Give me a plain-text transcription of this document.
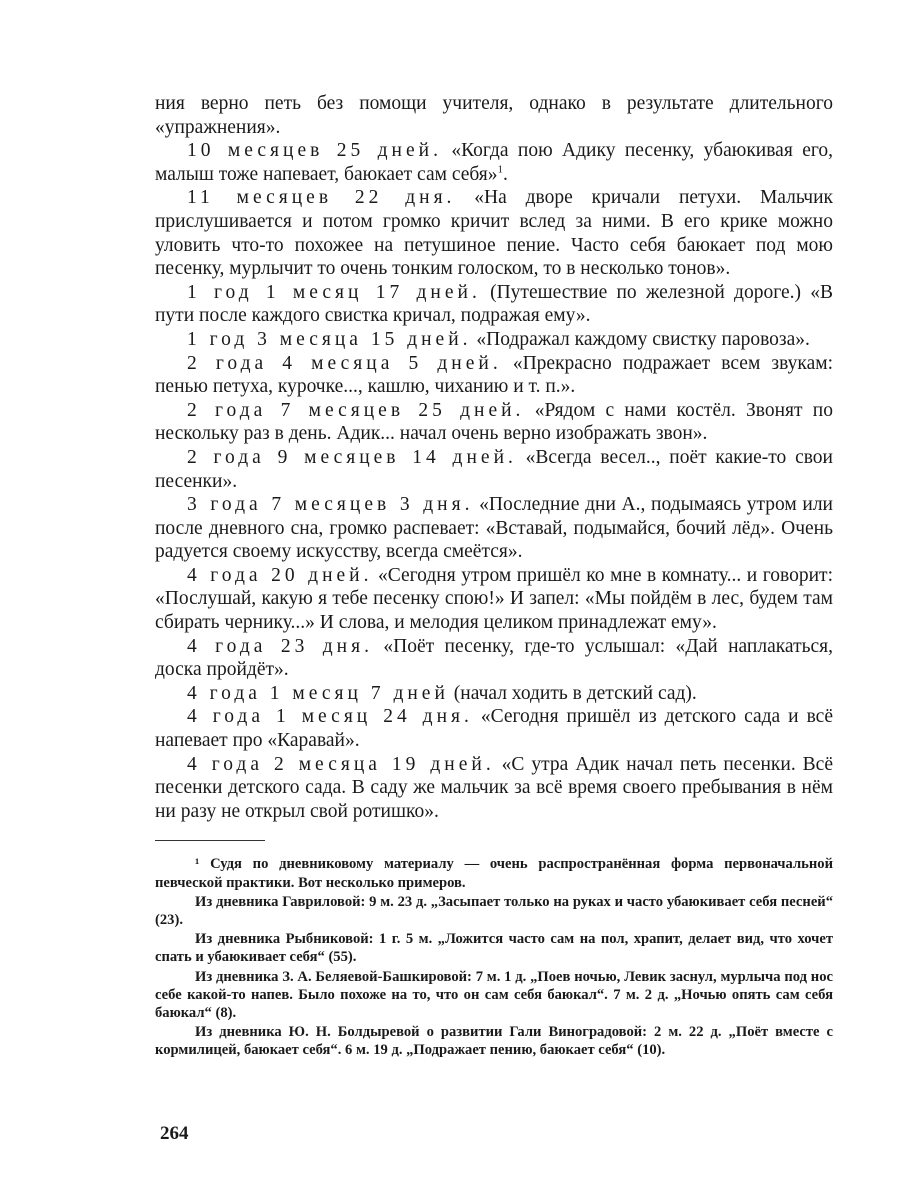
ния верно петь без помощи учителя, однако в результате длительного «упражнения».

10 месяцев 25 дней. «Когда пою Адику песенку, убаюкивая его, малыш тоже напевает, баюкает сам себя»$^1$.

11 месяцев 22 дня. «На дворе кричали петухи. Мальчик прислушивается и потом громко кричит вслед за ними. В его крике можно уловить что-то похожее на петушиное пение. Часто себя баюкает под мою песенку, мурлычит то очень тонким голоском, то в несколько тонов».

1 год 1 месяц 17 дней. (Путешествие по железной дороге.) «В пути после каждого свистка кричал, подражая ему».

1 год 3 месяца 15 дней. «Подражал каждому свистку паровоза».

2 года 4 месяца 5 дней. «Прекрасно подражает всем звукам: пенью петуха, курочке..., кашлю, чиханию и т. п.».

2 года 7 месяцев 25 дней. «Рядом с нами костёл. Звонят по нескольку раз в день. Адик... начал очень верно изображать звон».

2 года 9 месяцев 14 дней. «Всегда весел.., поёт какие-то свои песенки».

3 года 7 месяцев 3 дня. «Последние дни А., подымаясь утром или после дневного сна, громко распевает: «Вставай, подымайся, бочий лёд». Очень радуется своему искусству, всегда смеётся».

4 года 20 дней. «Сегодня утром пришёл ко мне в комнату... и говорит: «Послушай, какую я тебе песенку спою!» И запел: «Мы пойдём в лес, будем там сбирать чернику...» И слова, и мелодия целиком принадлежат ему».

4 года 23 дня. «Поёт песенку, где-то услышал: «Дай наплакаться, доска пройдёт».

4 года 1 месяц 7 дней (начал ходить в детский сад).

4 года 1 месяц 24 дня. «Сегодня пришёл из детского сада и всё напевает про «Каравай».

4 года 2 месяца 19 дней. «С утра Адик начал петь песенки. Всё песенки детского сада. В саду же мальчик за всё время своего пребывания в нём ни разу не открыл свой ротишко».

¹ Судя по дневниковому материалу — очень распространённая форма первоначальной певческой практики. Вот несколько примеров.

Из дневника Гавриловой: 9 м. 23 д. „Засыпает только на руках и часто убаюкивает себя песней“ (23).

Из дневника Рыбниковой: 1 г. 5 м. „Ложится часто сам на пол, храпит, делает вид, что хочет спать и убаюкивает себя“ (55).

Из дневника З. А. Беляевой-Башкировой: 7 м. 1 д. „Поев ночью, Левик заснул, мурлыча под нос себе какой-то напев. Было похоже на то, что он сам себя баюкал“. 7 м. 2 д. „Ночью опять сам себя баюкал“ (8).

Из дневника Ю. Н. Болдыревой о развитии Гали Виноградовой: 2 м. 22 д. „Поёт вместе с кормилицей, баюкает себя“. 6 м. 19 д. „Подражает пению, баюкает себя“ (10).

264
